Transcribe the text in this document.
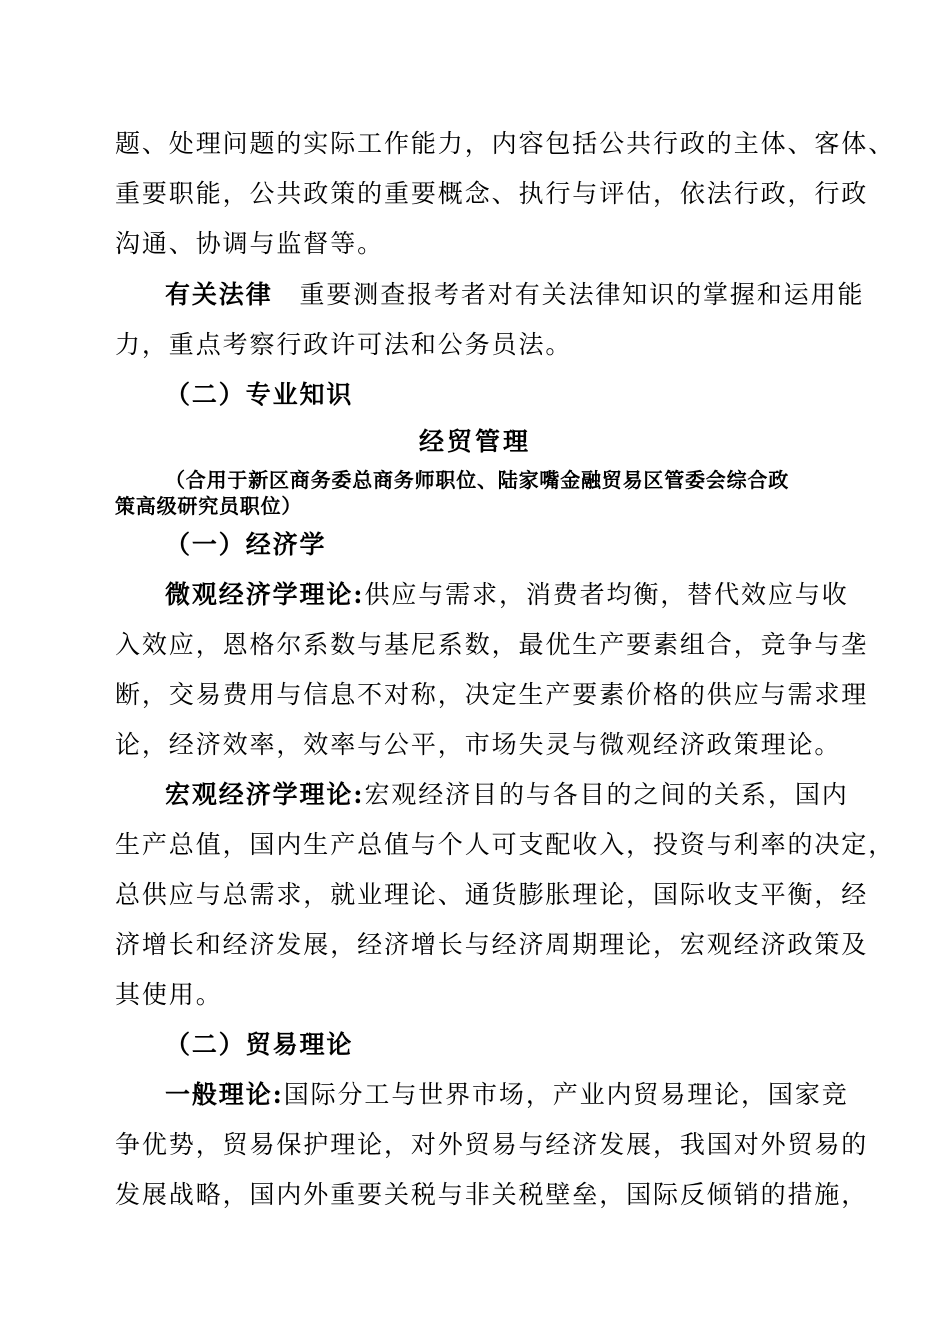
题、处理问题的实际工作能力，内容包括公共行政的主体、客体、
重要职能，公共政策的重要概念、执行与评估，依法行政，行政
沟通、协调与监督等。
有关法律　重要测查报考者对有关法律知识的掌握和运用能
力，重点考察行政许可法和公务员法。
（二）专业知识
经贸管理
（合用于新区商务委总商务师职位、陆家嘴金融贸易区管委会综合政
策高级研究员职位）
（一）经济学
微观经济学理论:供应与需求，消费者均衡，替代效应与收
入效应，恩格尔系数与基尼系数，最优生产要素组合，竞争与垄
断，交易费用与信息不对称，决定生产要素价格的供应与需求理
论，经济效率，效率与公平，市场失灵与微观经济政策理论。
宏观经济学理论:宏观经济目的与各目的之间的关系，国内
生产总值，国内生产总值与个人可支配收入，投资与利率的决定，
总供应与总需求，就业理论、通货膨胀理论，国际收支平衡，经
济增长和经济发展，经济增长与经济周期理论，宏观经济政策及
其使用。
（二）贸易理论
一般理论:国际分工与世界市场，产业内贸易理论，国家竞
争优势，贸易保护理论，对外贸易与经济发展，我国对外贸易的
发展战略，国内外重要关税与非关税壁垒，国际反倾销的措施，
